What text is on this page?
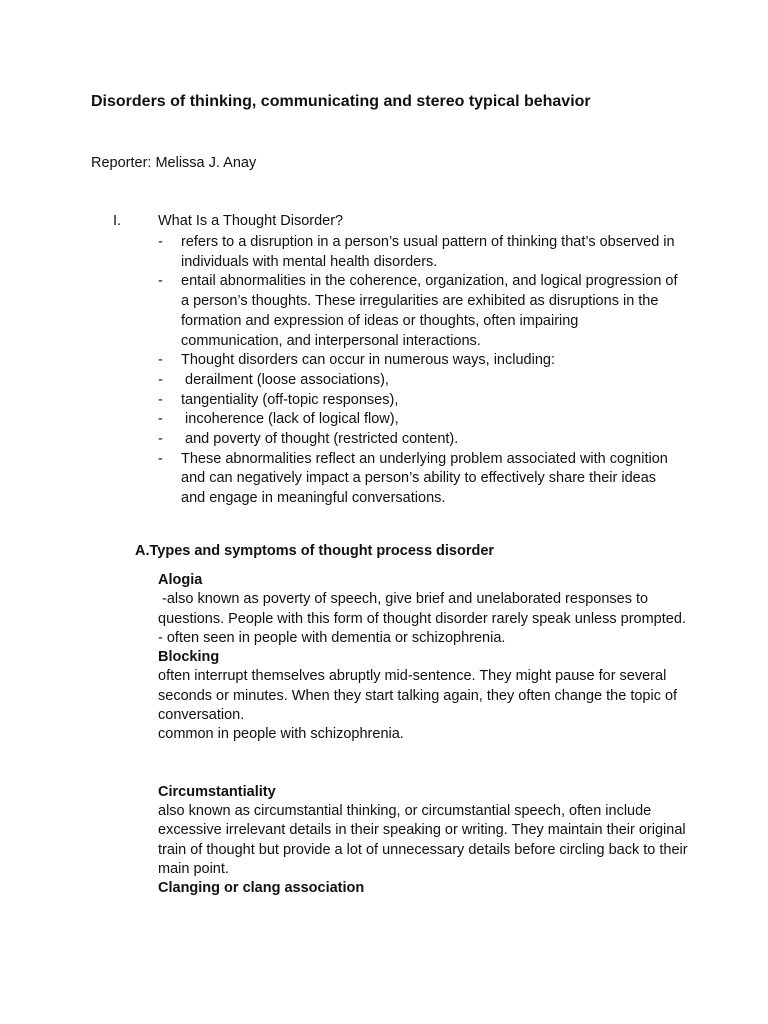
Disorders of thinking, communicating and stereo typical behavior
Reporter: Melissa J. Anay
I.	What Is a Thought Disorder?
- refers to a disruption in a person’s usual pattern of thinking that’s observed in individuals with mental health disorders.
- entail abnormalities in the coherence, organization, and logical progression of a person’s thoughts. These irregularities are exhibited as disruptions in the formation and expression of ideas or thoughts, often impairing communication, and interpersonal interactions.
- Thought disorders can occur in numerous ways, including:
- derailment (loose associations),
- tangentiality (off-topic responses),
- incoherence (lack of logical flow),
- and poverty of thought (restricted content).
- These abnormalities reflect an underlying problem associated with cognition and can negatively impact a person’s ability to effectively share their ideas and engage in meaningful conversations.
A.Types and symptoms of thought process disorder

Alogia

-also known as poverty of speech, give brief and unelaborated responses to questions. People with this form of thought disorder rarely speak unless prompted.

- often seen in people with dementia or schizophrenia.

Blocking

often interrupt themselves abruptly mid-sentence. They might pause for several seconds or minutes. When they start talking again, they often change the topic of conversation.

common in people with schizophrenia.

Circumstantiality

also known as circumstantial thinking, or circumstantial speech, often include excessive irrelevant details in their speaking or writing. They maintain their original train of thought but provide a lot of unnecessary details before circling back to their main point.

Clanging or clang association
